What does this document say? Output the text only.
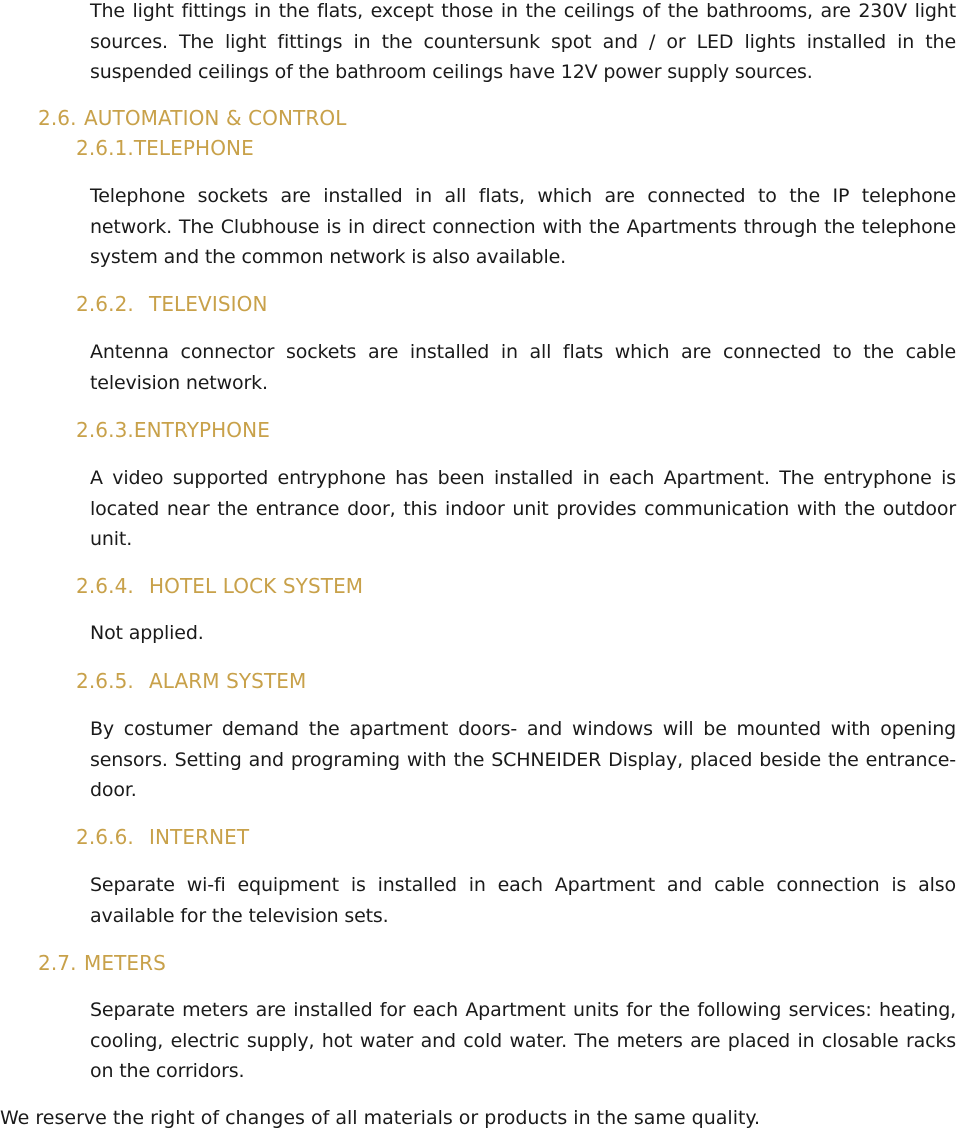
The light fittings in the flats, except those in the ceilings of the bathrooms, are 230V light sources. The light fittings in the countersunk spot and / or LED lights installed in the suspended ceilings of the bathroom ceilings have 12V power supply sources.

2.6. AUTOMATION & CONTROL
2.6.1.TELEPHONE

Telephone sockets are installed in all flats, which are connected to the IP telephone network. The Clubhouse is in direct connection with the Apartments through the telephone system and the common network is also available.

2.6.2. TELEVISION

Antenna connector sockets are installed in all flats which are connected to the cable television network.

2.6.3.ENTRYPHONE

A video supported entryphone has been installed in each Apartment. The entryphone is located near the entrance door, this indoor unit provides communication with the outdoor unit.

2.6.4. HOTEL LOCK SYSTEM

Not applied.

2.6.5. ALARM SYSTEM

By costumer demand the apartment doors- and windows will be mounted with opening sensors. Setting and programing with the SCHNEIDER Display, placed beside the entrance-door.

2.6.6. INTERNET

Separate wi-fi equipment is installed in each Apartment and cable connection is also available for the television sets.

2.7. METERS

Separate meters are installed for each Apartment units for the following services: heating, cooling, electric supply, hot water and cold water. The meters are placed in closable racks on the corridors.

We reserve the right of changes of all materials or products in the same quality.
